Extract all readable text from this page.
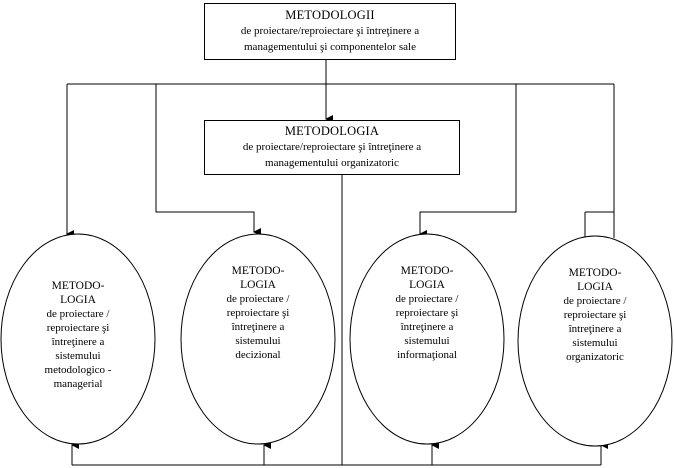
METODOLOGII
de proiectare/reproiectare şi întreţinere a
managementului şi componentelor sale
METODOLOGIA
de proiectare/reproiectare şi întreţinere a
managementului organizatoric
METODO-
LOGIA
de proiectare /
reproiectare şi
întreţinere a
sistemului
metodologico -
managerial
METODO-
LOGIA
de proiectare /
reproiectare şi
întreţinere a
sistemului
decizional
METODO-
LOGIA
de proiectare /
reproiectare şi
întreţinere a
sistemului
informaţional
METODO-
LOGIA
de proiectare /
reproiectare şi
întreţinere a
sistemului
organizatoric
